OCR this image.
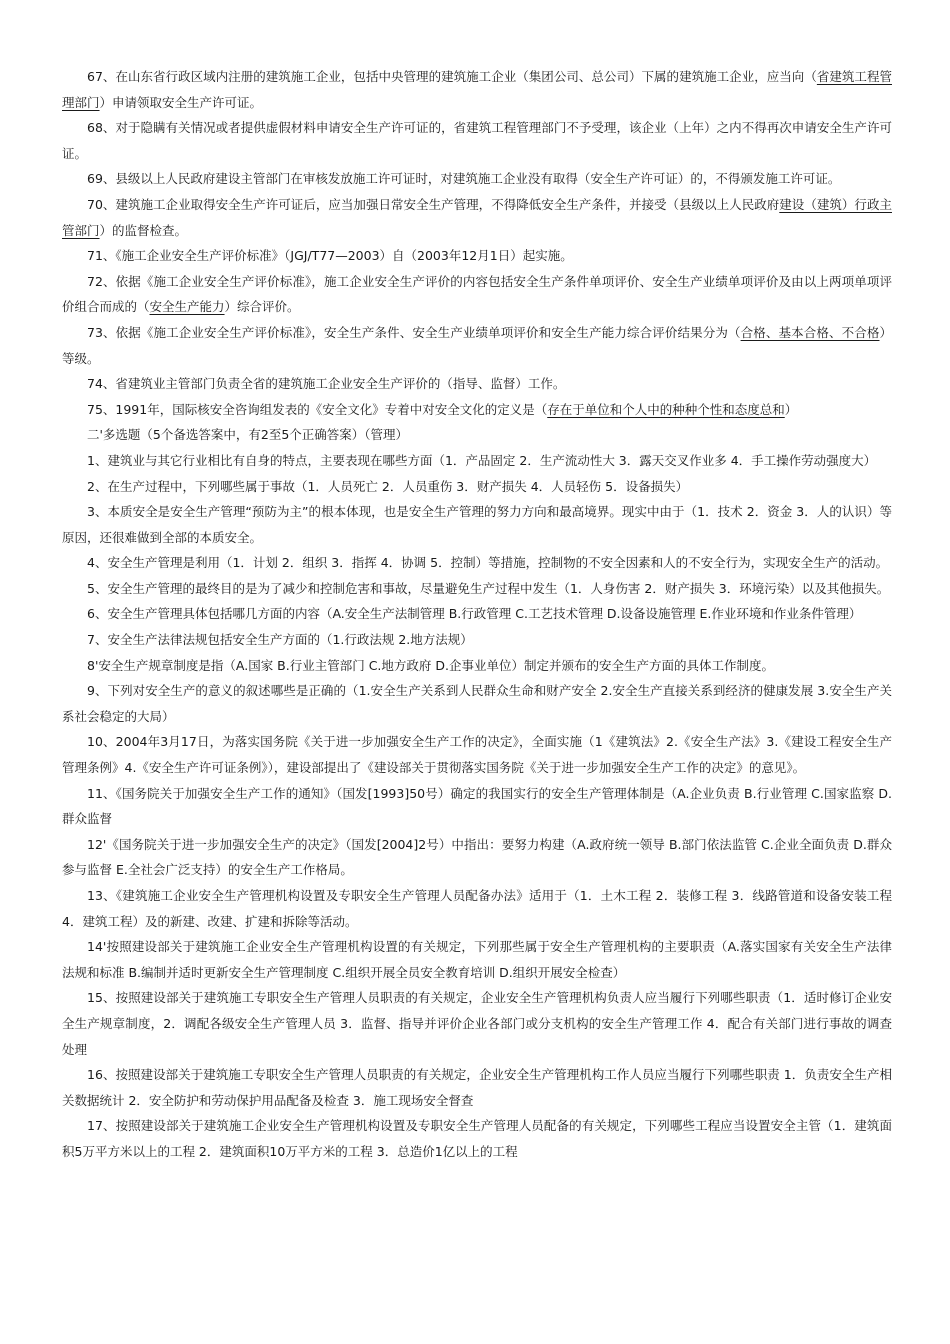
67、在山东省行政区域内注册的建筑施工企业，包括中央管理的建筑施工企业（集团公司、总公司）下属的建筑施工企业，应当向（省建筑工程管理部门）申请领取安全生产许可证。

68、对于隐瞒有关情况或者提供虚假材料申请安全生产许可证的，省建筑工程管理部门不予受理，该企业（上年）之内不得再次申请安全生产许可证。

69、县级以上人民政府建设主管部门在审核发放施工许可证时，对建筑施工企业没有取得（安全生产许可证）的，不得颁发施工许可证。

70、建筑施工企业取得安全生产许可证后，应当加强日常安全生产管理，不得降低安全生产条件，并接受（县级以上人民政府建设（建筑）行政主管部门）的监督检查。

71、《施工企业安全生产评价标准》（JGJ/T77—2003）自（2003年12月1日）起实施。

72、依据《施工企业安全生产评价标准》，施工企业安全生产评价的内容包括安全生产条件单项评价、安全生产业绩单项评价及由以上两项单项评价组合而成的（安全生产能力）综合评价。

73、依据《施工企业安全生产评价标准》，安全生产条件、安全生产业绩单项评价和安全生产能力综合评价结果分为（合格、基本合格、不合格）等级。

74、省建筑业主管部门负责全省的建筑施工企业安全生产评价的（指导、监督）工作。

75、1991年，国际核安全咨询组发表的《安全文化》专着中对安全文化的定义是（存在于单位和个人中的种种个性和态度总和）

二'多选题（5个备选答案中，有2至5个正确答案）（管理）

1、建筑业与其它行业相比有自身的特点，主要表现在哪些方面（1．产品固定 2．生产流动性大 3．露天交叉作业多 4．手工操作劳动强度大）

2、在生产过程中，下列哪些属于事故（1．人员死亡 2．人员重伤 3．财产损失 4．人员轻伤 5．设备损失）

3、本质安全是安全生产管理“预防为主”的根本体现，也是安全生产管理的努力方向和最高境界。现实中由于（1．技术 2．资金 3．人的认识）等原因，还很难做到全部的本质安全。

4、安全生产管理是利用（1．计划 2．组织 3．指挥 4．协调 5．控制）等措施，控制物的不安全因素和人的不安全行为，实现安全生产的活动。

5、安全生产管理的最终目的是为了减少和控制危害和事故，尽量避免生产过程中发生（1．人身伤害 2．财产损失 3．环境污染）以及其他损失。

6、安全生产管理具体包括哪几方面的内容（A.安全生产法制管理 B.行政管理 C.工艺技术管理 D.设备设施管理 E.作业环境和作业条件管理）

7、安全生产法律法规包括安全生产方面的（1.行政法规 2.地方法规）

8'安全生产规章制度是指（A.国家 B.行业主管部门 C.地方政府 D.企事业单位）制定并颁布的安全生产方面的具体工作制度。

9、下列对安全生产的意义的叙述哪些是正确的（1.安全生产关系到人民群众生命和财产安全 2.安全生产直接关系到经济的健康发展 3.安全生产关系社会稳定的大局）

10、2004年3月17日，为落实国务院《关于进一步加强安全生产工作的决定》，全面实施（1《建筑法》2.《安全生产法》3.《建设工程安全生产管理条例》4.《安全生产许可证条例》），建设部提出了《建设部关于贯彻落实国务院《关于进一步加强安全生产工作的决定》的意见》。

11、《国务院关于加强安全生产工作的通知》（国发[1993]50号）确定的我国实行的安全生产管理体制是（A.企业负责 B.行业管理 C.国家监察 D.群众监督

12'《国务院关于进一步加强安全生产的决定》（国发[2004]2号）中指出：要努力构建（A.政府统一领导 B.部门依法监管 C.企业全面负责 D.群众参与监督 E.全社会广泛支持）的安全生产工作格局。

13、《建筑施工企业安全生产管理机构设置及专职安全生产管理人员配备办法》适用于（1．土木工程 2．装修工程 3．线路管道和设备安装工程 4．建筑工程）及的新建、改建、扩建和拆除等活动。

14'按照建设部关于建筑施工企业安全生产管理机构设置的有关规定，下列那些属于安全生产管理机构的主要职责（A.落实国家有关安全生产法律法规和标准 B.编制并适时更新安全生产管理制度 C.组织开展全员安全教育培训 D.组织开展安全检查）

15、按照建设部关于建筑施工专职安全生产管理人员职责的有关规定，企业安全生产管理机构负责人应当履行下列哪些职责（1．适时修订企业安全生产规章制度，2．调配各级安全生产管理人员 3．监督、指导并评价企业各部门或分支机构的安全生产管理工作 4．配合有关部门进行事故的调查处理

16、按照建设部关于建筑施工专职安全生产管理人员职责的有关规定，企业安全生产管理机构工作人员应当履行下列哪些职责 1．负责安全生产相关数据统计 2．安全防护和劳动保护用品配备及检查 3．施工现场安全督查

17、按照建设部关于建筑施工企业安全生产管理机构设置及专职安全生产管理人员配备的有关规定，下列哪些工程应当设置安全主管（1．建筑面积5万平方米以上的工程 2．建筑面积10万平方米的工程 3．总造价1亿以上的工程
